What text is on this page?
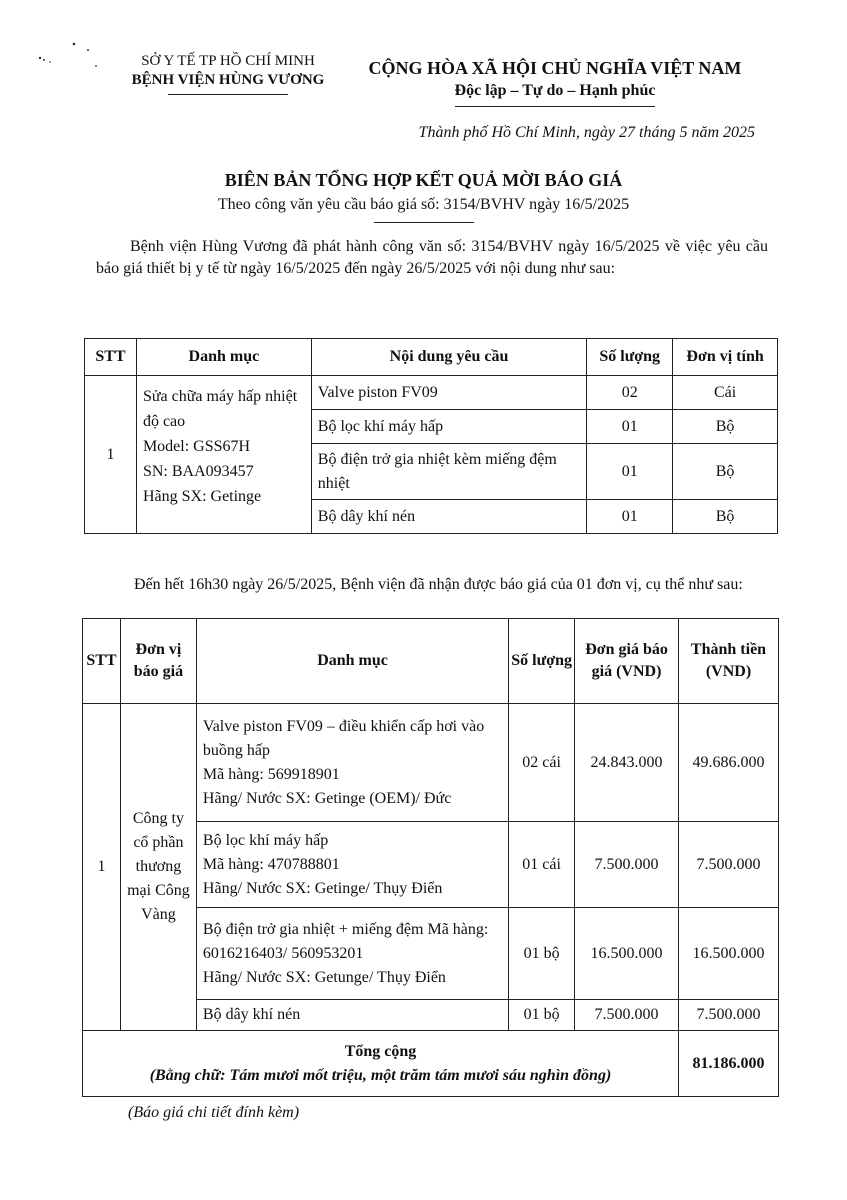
SỞ Y TẾ TP HỒ CHÍ MINH
BỆNH VIỆN HÙNG VƯƠNG
CỘNG HÒA XÃ HỘI CHỦ NGHĨA VIỆT NAM
Độc lập – Tự do – Hạnh phúc
Thành phố Hồ Chí Minh, ngày 27 tháng 5 năm 2025
BIÊN BẢN TỔNG HỢP KẾT QUẢ MỜI BÁO GIÁ
Theo công văn yêu cầu báo giá số: 3154/BVHV ngày 16/5/2025
Bệnh viện Hùng Vương đã phát hành công văn số: 3154/BVHV ngày 16/5/2025 về việc yêu cầu báo giá thiết bị y tế từ ngày 16/5/2025 đến ngày 26/5/2025 với nội dung như sau:
STT	Danh mục	Nội dung yêu cầu	Số lượng	Đơn vị tính
1	Sửa chữa máy hấp nhiệt độ cao
Model: GSS67H
SN: BAA093457
Hãng SX: Getinge	Valve piston FV09	02	Cái
		Bộ lọc khí máy hấp	01	Bộ
		Bộ điện trở gia nhiệt kèm miếng đệm nhiệt	01	Bộ
		Bộ dây khí nén	01	Bộ
Đến hết 16h30 ngày 26/5/2025, Bệnh viện đã nhận được báo giá của 01 đơn vị, cụ thể như sau:
STT	Đơn vị báo giá	Danh mục	Số lượng	Đơn giá báo giá (VND)	Thành tiền (VND)
1	Công ty cổ phần thương mại Công Vàng	Valve piston FV09 – điều khiển cấp hơi vào buồng hấp
Mã hàng: 569918901
Hãng/ Nước SX: Getinge (OEM)/ Đức	02 cái	24.843.000	49.686.000

		Bộ lọc khí máy hấp
Mã hàng: 470788801
Hãng/ Nước SX: Getinge/ Thụy Điển	01 cái	7.500.000	7.500.000

		Bộ điện trở gia nhiệt + miếng đệm Mã hàng: 6016216403/ 560953201
Hãng/ Nước SX: Getunge/ Thụy Điển	01 bộ	16.500.000	16.500.000

		Bộ dây khí nén	01 bộ	7.500.000	7.500.000

Tổng cộng
(Bằng chữ: Tám mươi mốt triệu, một trăm tám mươi sáu nghìn đồng)					81.186.000
(Báo giá chi tiết đính kèm)
